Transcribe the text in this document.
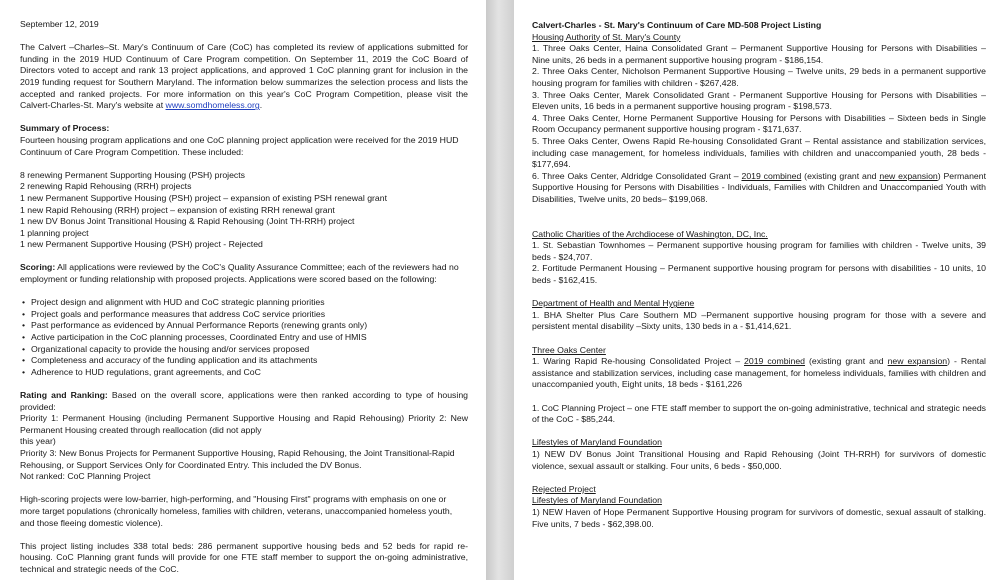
September 12, 2019

The Calvert –Charles–St. Mary's Continuum of Care (CoC) has completed its review of applications submitted for funding in the 2019 HUD Continuum of Care Program competition. On September 11, 2019 the CoC Board of Directors voted to accept and rank 13 project applications, and approved 1 CoC planning grant for inclusion in the 2019 funding request for Southern Maryland. The information below summarizes the selection process and lists the accepted and ranked projects. For more information on this year's CoC Program Competition, please visit the Calvert-Charles-St. Mary's website at www.somdhomeless.org.

Summary of Process:

Fourteen housing program applications and one CoC planning project application were received for the 2019 HUD Continuum of Care Program Competition. These included:

8 renewing Permanent Supporting Housing (PSH) projects

2 renewing Rapid Rehousing (RRH) projects

1 new Permanent Supportive Housing (PSH) project – expansion of existing PSH renewal grant

1 new Rapid Rehousing (RRH) project – expansion of existing RRH renewal grant

1 new DV Bonus Joint Transitional Housing & Rapid Rehousing (Joint TH-RRH) project

1 planning project

1 new Permanent Supportive Housing (PSH) project - Rejected

Scoring: All applications were reviewed by the CoC's Quality Assurance Committee; each of the reviewers had no employment or funding relationship with proposed projects. Applications were scored based on the following:

• Project design and alignment with HUD and CoC strategic planning priorities
• Project goals and performance measures that address CoC service priorities
• Past performance as evidenced by Annual Performance Reports (renewing grants only)
• Active participation in the CoC planning processes, Coordinated Entry and use of HMIS
• Organizational capacity to provide the housing and/or services proposed
• Completeness and accuracy of the funding application and its attachments
• Adherence to HUD regulations, grant agreements, and CoC

Rating and Ranking: Based on the overall score, applications were then ranked according to type of housing provided:

Priority 1: Permanent Housing (including Permanent Supportive Housing and Rapid Rehousing) Priority 2: New Permanent Housing created through reallocation (did not apply

this year)

Priority 3: New Bonus Projects for Permanent Supportive Housing, Rapid Rehousing, the Joint Transitional-Rapid Rehousing, or Support Services Only for Coordinated Entry. This included the DV Bonus.

Not ranked: CoC Planning Project

High-scoring projects were low-barrier, high-performing, and "Housing First" programs with emphasis on one or more target populations (chronically homeless, families with children, veterans, unaccompanied homeless youth, and those fleeing domestic violence).

This project listing includes 338 total beds: 286 permanent supportive housing beds and 52 beds for rapid re-housing. CoC Planning grant funds will provide for one FTE staff member to support the on-going administrative, technical and strategic needs of the CoC.

Calvert-Charles - St. Mary's Continuum of Care MD-508 Project Listing

Housing Authority of St. Mary's County

1. Three Oaks Center, Haina Consolidated Grant – Permanent Supportive Housing for Persons with Disabilities – Nine units, 26 beds in a permanent supportive housing program - $186,154.

2. Three Oaks Center, Nicholson Permanent Supportive Housing – Twelve units, 29 beds in a permanent supportive housing program for families with children - $267,428.

3. Three Oaks Center, Marek Consolidated Grant - Permanent Supportive Housing for Persons with Disabilities – Eleven units, 16 beds in a permanent supportive housing program - $198,573.

4. Three Oaks Center, Horne Permanent Supportive Housing for Persons with Disabilities – Sixteen beds in Single Room Occupancy permanent supportive housing program - $171,637.

5. Three Oaks Center, Owens Rapid Re-housing Consolidated Grant – Rental assistance and stabilization services, including case management, for homeless individuals, families with children and unaccompanied youth, 28 beds - $177,694.

6. Three Oaks Center, Aldridge Consolidated Grant – 2019 combined (existing grant and new expansion) Permanent Supportive Housing for Persons with Disabilities - Individuals, Families with Children and Unaccompanied Youth with Disabilities, Twelve units, 20 beds– $199,068.

Catholic Charities of the Archdiocese of Washington, DC, Inc.

1. St. Sebastian Townhomes – Permanent supportive housing program for families with children - Twelve units, 39 beds - $24,707.

2. Fortitude Permanent Housing – Permanent supportive housing program for persons with disabilities - 10 units, 10 beds - $162,415.

Department of Health and Mental Hygiene

1. BHA Shelter Plus Care Southern MD –Permanent supportive housing program for those with a severe and persistent mental disability –Sixty units, 130 beds in a - $1,414,621.

Three Oaks Center

1. Waring Rapid Re-housing Consolidated Project – 2019 combined (existing grant and new expansion) - Rental assistance and stabilization services, including case management, for homeless individuals, families with children and unaccompanied youth, Eight units, 18 beds - $161,226

1. CoC Planning Project – one FTE staff member to support the on-going administrative, technical and strategic needs of the CoC - $85,244.

Lifestyles of Maryland Foundation

1) NEW DV Bonus Joint Transitional Housing and Rapid Rehousing (Joint TH-RRH) for survivors of domestic violence, sexual assault or stalking. Four units, 6 beds - $50,000.

Rejected Project

Lifestyles of Maryland Foundation

1) NEW Haven of Hope Permanent Supportive Housing program for survivors of domestic, sexual assault of stalking. Five units, 7 beds - $62,398.00.
